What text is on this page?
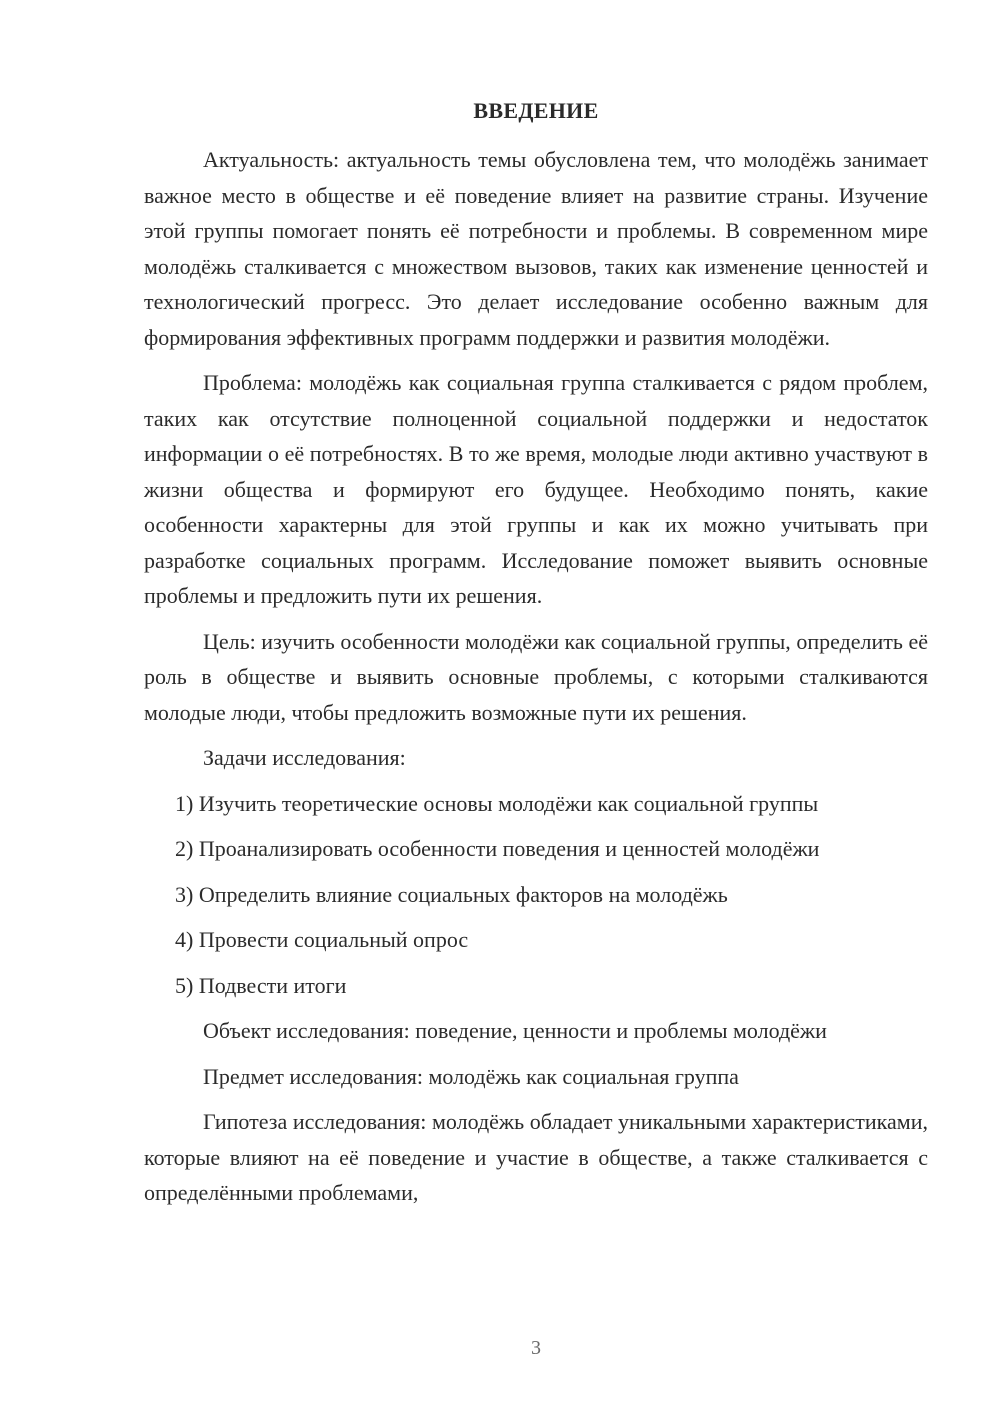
ВВЕДЕНИЕ

Актуальность: актуальность темы обусловлена тем, что молодёжь занимает важное место в обществе и её поведение влияет на развитие страны. Изучение этой группы помогает понять её потребности и проблемы. В современном мире молодёжь сталкивается с множеством вызовов, таких как изменение ценностей и технологический прогресс. Это делает исследование особенно важным для формирования эффективных программ поддержки и развития молодёжи.

Проблема: молодёжь как социальная группа сталкивается с рядом проблем, таких как отсутствие полноценной социальной поддержки и недостаток информации о её потребностях. В то же время, молодые люди активно участвуют в жизни общества и формируют его будущее. Необходимо понять, какие особенности характерны для этой группы и как их можно учитывать при разработке социальных программ. Исследование поможет выявить основные проблемы и предложить пути их решения.

Цель: изучить особенности молодёжи как социальной группы, определить её роль в обществе и выявить основные проблемы, с которыми сталкиваются молодые люди, чтобы предложить возможные пути их решения.

Задачи исследования:

1) Изучить теоретические основы молодёжи как социальной группы
2) Проанализировать особенности поведения и ценностей молодёжи
3) Определить влияние социальных факторов на молодёжь
4) Провести социальный опрос
5) Подвести итоги

Объект исследования: поведение, ценности и проблемы молодёжи

Предмет исследования: молодёжь как социальная группа

Гипотеза исследования: молодёжь обладает уникальными характеристиками, которые влияют на её поведение и участие в обществе, а также сталкивается с определёнными проблемами,

3
